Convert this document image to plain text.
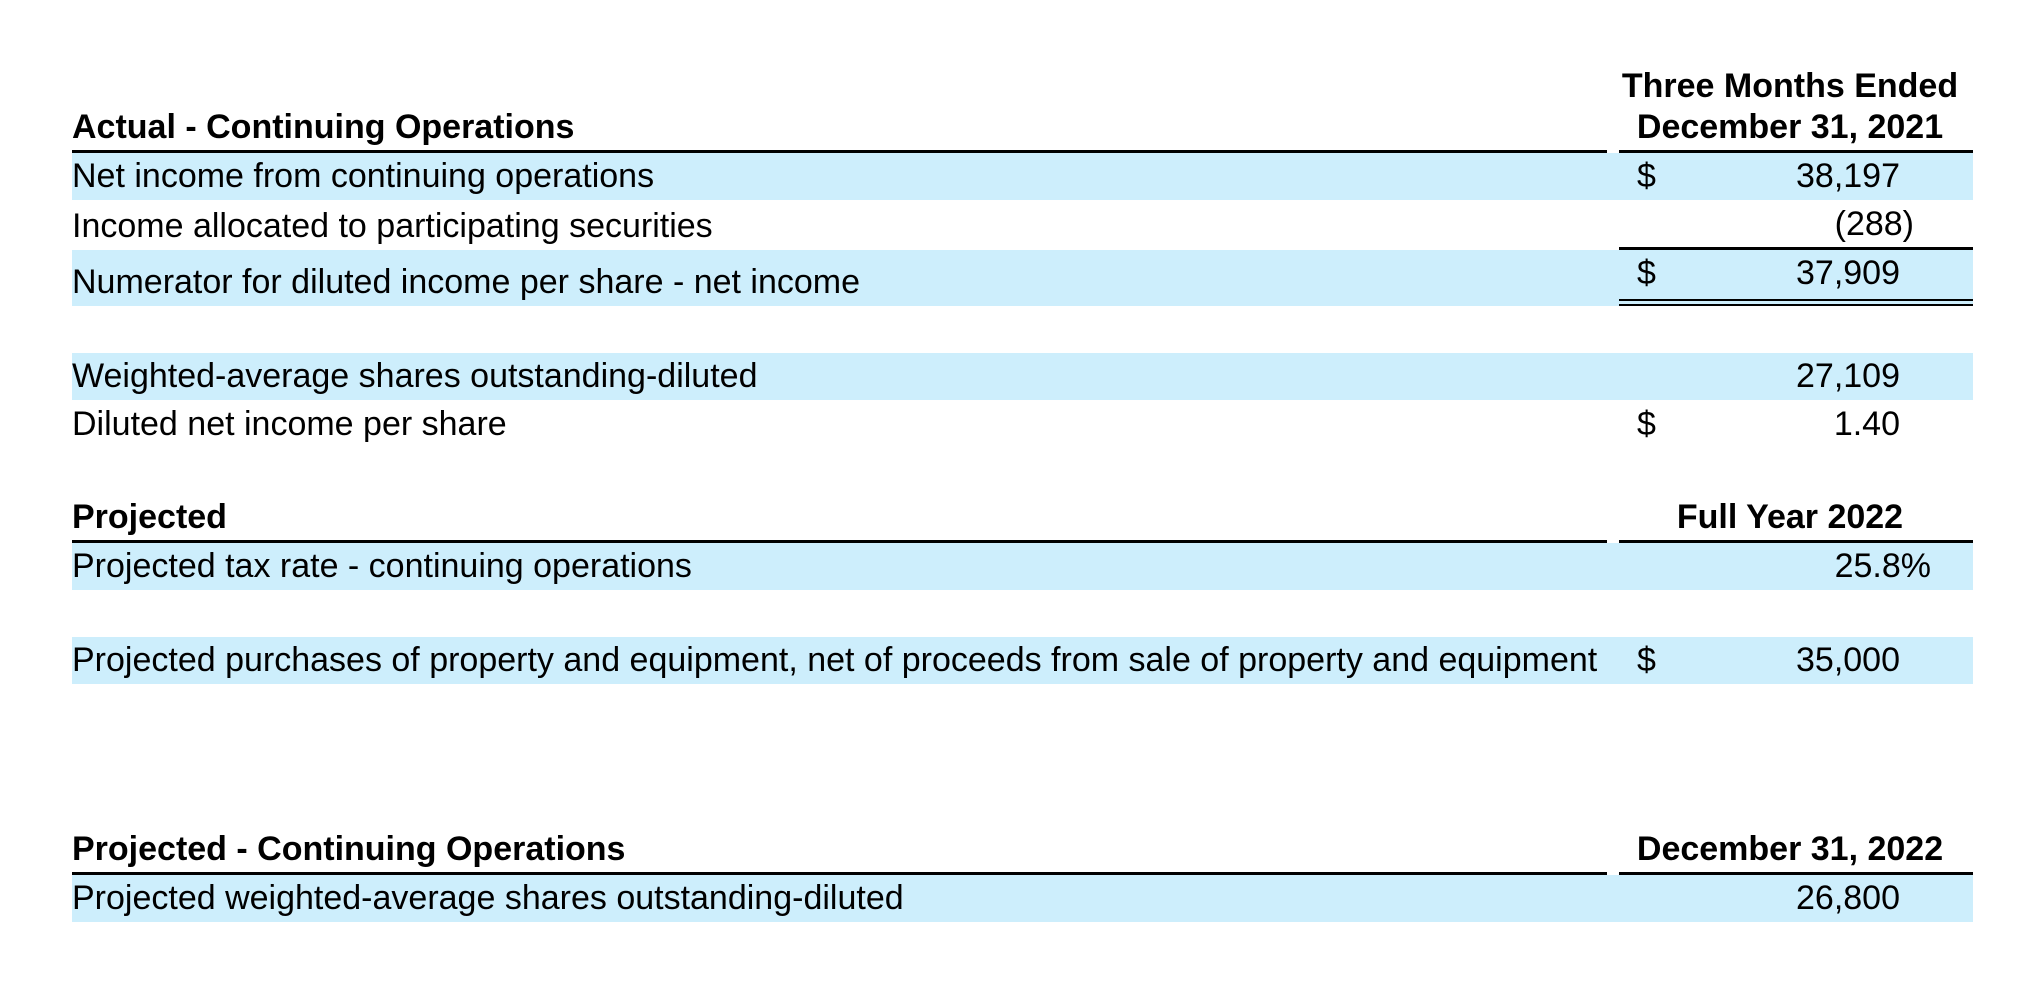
Three Months Ended
December 31, 2021
Actual - Continuing Operations
Net income from continuing operations	$	38,197
Income allocated to participating securities	(288)
Numerator for diluted income per share - net income	$	37,909
Weighted-average shares outstanding-diluted	27,109
Diluted net income per share	$	1.40
Projected	Full Year 2022
Projected tax rate - continuing operations	25.8%
Projected purchases of property and equipment, net of proceeds from sale of property and equipment $	35,000
Projected - Continuing Operations	December 31, 2022
Projected weighted-average shares outstanding-diluted	26,800
